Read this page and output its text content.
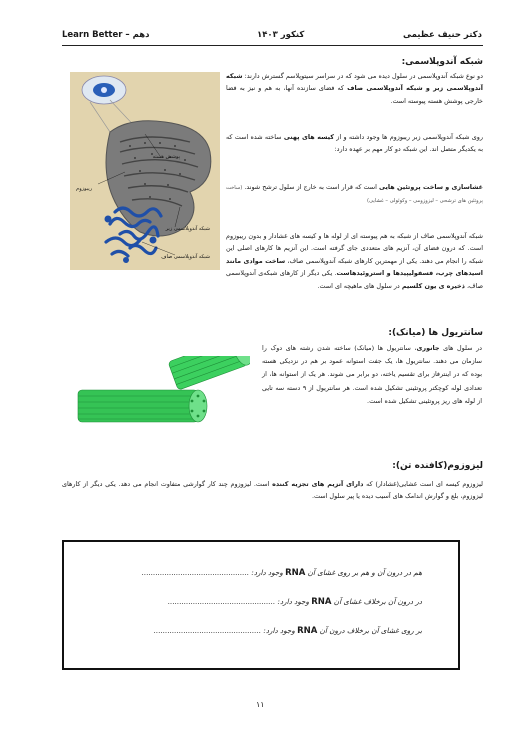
دکتر حنیف عظیمی
کنکور ۱۴۰۳
Learn Better – دهم
شبکه آندوپلاسمی:
پوشش هسته
ریبوزوم
شبکه آندوپلاسمی زبر
شبکه آندوپلاسمی صاف
دو نوع شبکه آندوپلاسمی در سلول دیده می شود که در سراسر سیتوپلاسم گسترش دارند: شبکه آندوپلاسمی زبر و شبکه آندوپلاسمی صاف که فضای سازنده آنها، به هم و نیز به فضا خارجی پوشش هسته پیوسته است.
روی شبکه آندوپلاسمی زبر ریبوزوم ها وجود داشته و از کیسه های پهنی ساخته شده است که به یکدیگر متصل اند. این شبکه دو کار مهم بر عهده دارد:
غشاسازی و ساخت پروتئین هایی است که قرار است به خارج از سلول ترشح شوند. (ساخت پروتئین های ترشحی – لیزوزومی – وکوئولی – غشایی)
شبکه آندوپلاسمی صاف از شبکه به هم پیوسته ای از لوله ها و کیسه های غشادار و بدون ریبوزوم است. که درون فضای آن، آنزیم های متعددی جای گرفته است. این آنزیم ها کارهای اصلی این شبکه را انجام می دهند. یکی از مهمترین کارهای شبکه آندوپلاسمی صاف، ساخت مواد‌ی مانند اسیدهای چرب، فسفولیپیدها و استروئیدهاست. یکی دیگر از کارهای شبکه‌ی آندوپلاسمی صاف، ذخیره ی یون کلسیم در سلول های ماهیچه ای است.
سانتریول ها (میانک):
در سلول های جانوری، سانتریول ها (میانک) ساخته شدن رشته های دوک را سازمان می دهند. سانتریول ها، یک جفت استوانه عمود بر هم در نزدیکی هسته بوده که در اینترفاز برای تقسیم یاخته، دو برابر می شوند. هر یک از استوانه ها، از تعدادی لوله کوچکتر پروتئینی تشکیل شده است. هر سانتریول از ۹ دسته سه تایی از لوله های ریز پروتئینی تشکیل شده است.
لیزوزوم(کافنده تن):
لیزوزوم کیسه ای است غشایی(غشادار) که دارای آنزیم های تجزیه کننده است. لیزوزوم چند کار گوارشی متفاوت انجام می دهد. یکی دیگر از کارهای لیزوزوم، بلع و گوارش اندامک های آسیب دیده یا پیر سلول است.
هم در درون آن و هم بر روی غشای آن RNA وجود دارد: ...............................................
در درون آن برخلاف غشای آن RNA وجود دارد: ...............................................
بر روی غشای آن برخلاف درون آن RNA وجود دارد: ...............................................
۱۱
